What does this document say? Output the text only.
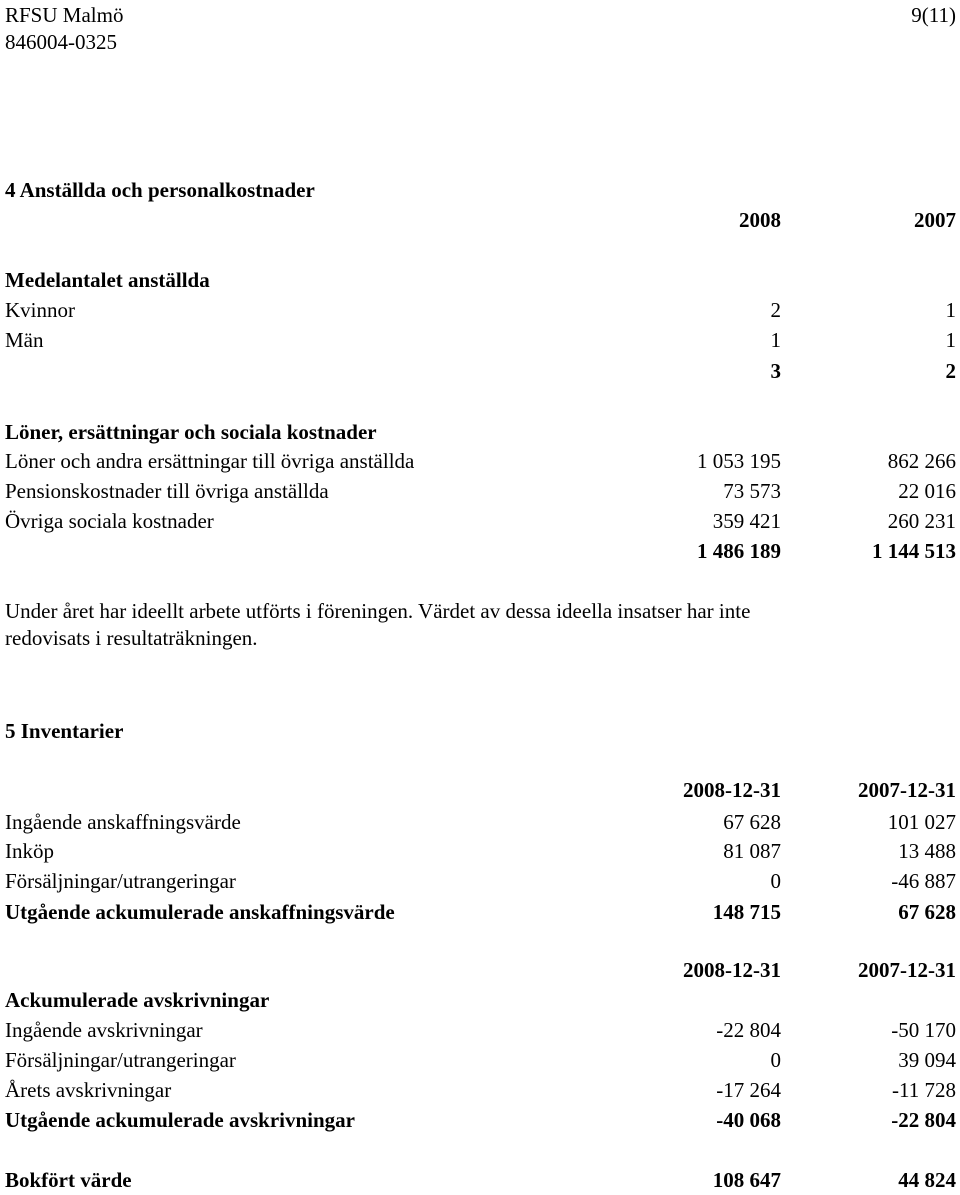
RFSU Malmö	9(11)
846004-0325
4 Anställda och personalkostnader
2008	2007
Medelantalet anställda
Kvinnor	2	1
Män	1	1
3	2
Löner, ersättningar och sociala kostnader
Löner och andra ersättningar till övriga anställda	1 053 195	862 266
Pensionskostnader till övriga anställda	73 573	22 016
Övriga sociala kostnader	359 421	260 231
1 486 189	1 144 513
Under året har ideellt arbete utförts i föreningen. Värdet av dessa ideella insatser har inte
redovisats i resultaträkningen.
5 Inventarier
2008-12-31	2007-12-31
Ingående anskaffningsvärde	67 628	101 027
Inköp	81 087	13 488
Försäljningar/utrangeringar	0	-46 887
Utgående ackumulerade anskaffningsvärde	148 715	67 628
2008-12-31	2007-12-31
Ackumulerade avskrivningar
Ingående avskrivningar	-22 804	-50 170
Försäljningar/utrangeringar	0	39 094
Årets avskrivningar	-17 264	-11 728
Utgående ackumulerade avskrivningar	-40 068	-22 804
Bokfört värde	108 647	44 824
